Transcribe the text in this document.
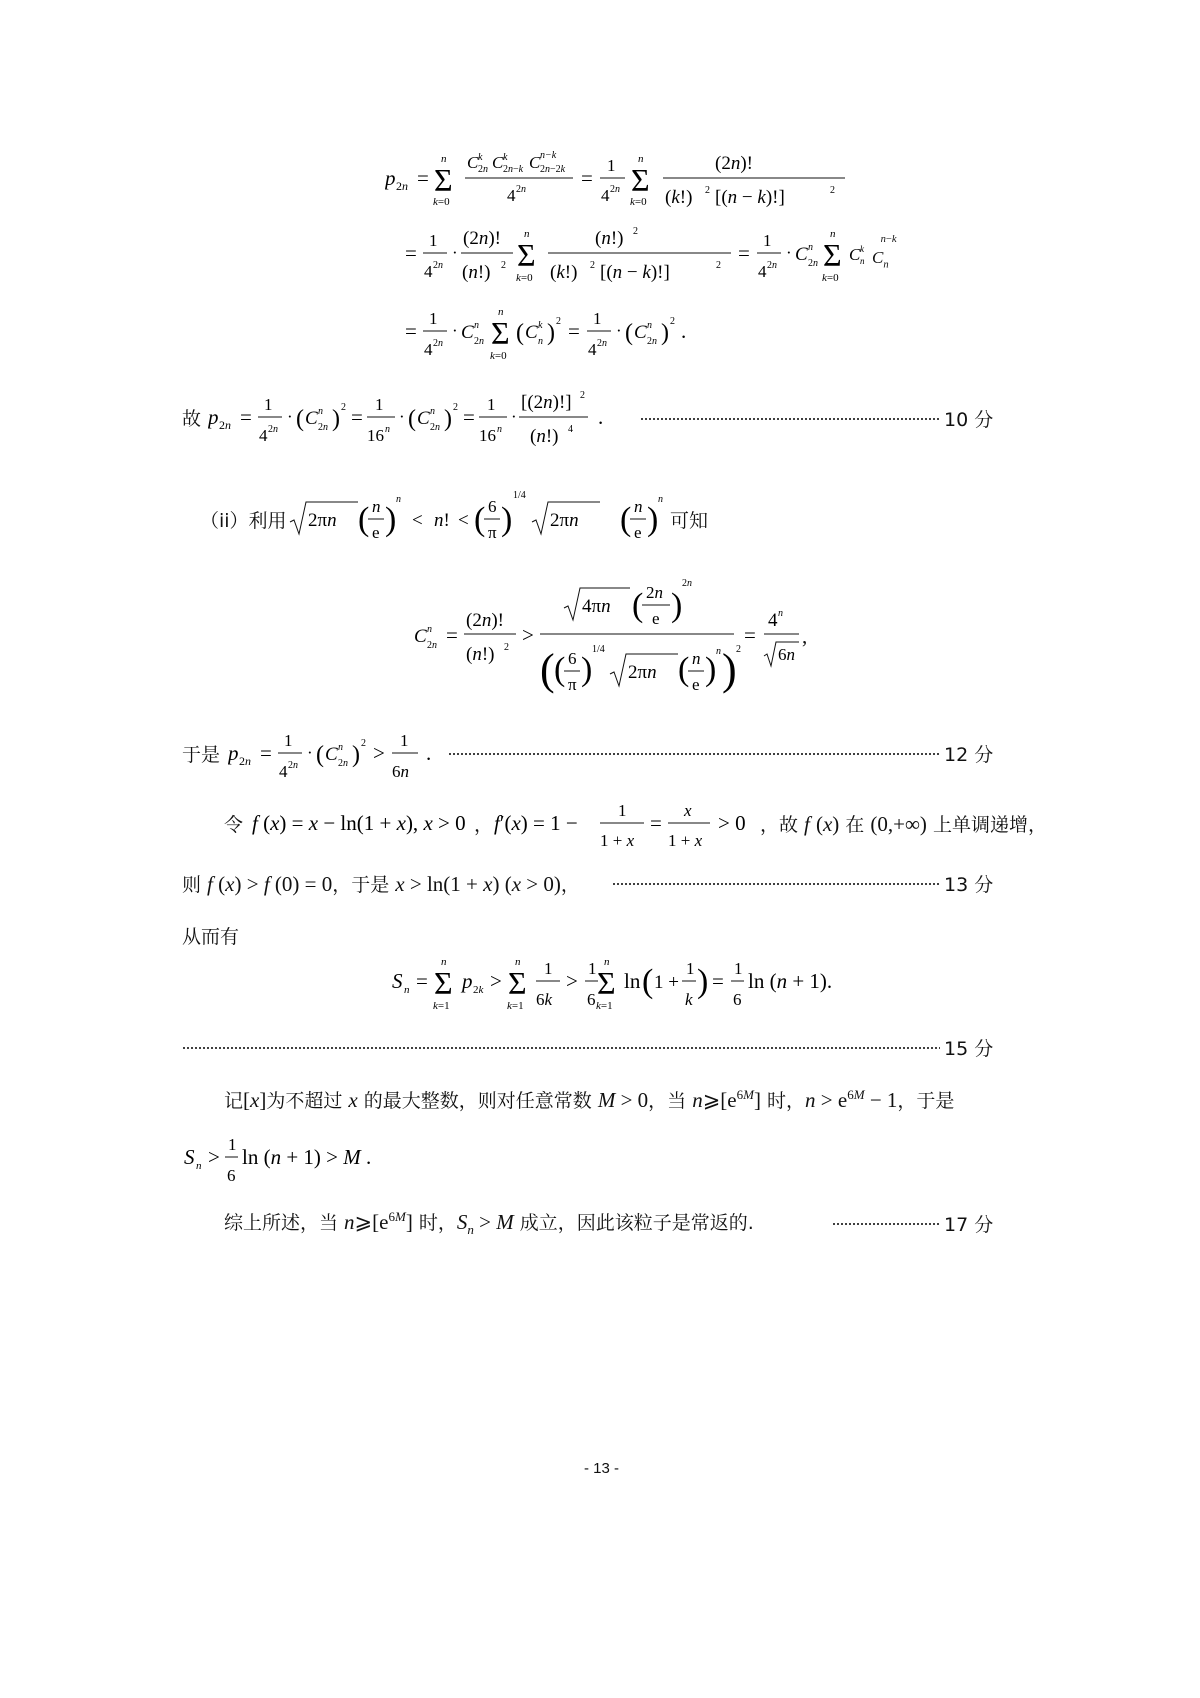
p 2n = Σ
n
k=0
C 2n
k C 2n−k
k C 2n−2k
n−k
4 2n	=
1
4 2n Σ
n
k=0
(2n)!
(k!) 2 [(n − k)!]	2
=
1
4 2n
·
(2n)!
(n!) 2 Σ
n
k=0
(n!) 2
(k!) 2 [(n − k)!]	2
=
1
4 2n
· C 2n
n Σ
n
k=0
C n
k $C_n^{n-k}$
=
1
4 2n
· C 2n
n Σ
n
k=0
( C n
k ) 2 =
1
4 2n
· ( C 2n
n ) 2 .
故 p 2n =
1
4 2n
· ( C 2n
n ) 2 =
1
16 n
· ( C 2n
n ) 2 =
1
16 n
·
[(2n)!] 2
(n!) 4
.	10 分
（ii）利用 2πn ( n
e )
n
< n! < ( 6
π )
1/4
2πn ( n
e )
n
可知
C 2n
n =
(2n)!
(n!) 2
>
4πn ( 2n
e )
2n
( ( 6
π )
1/4
2πn ( n
e ) n ) 2
=
4 n
6n
,
于是 p 2n =
1
4 2n
· ( C 2n
n ) 2 >
1
6n
.	12 分
令 f (x) = x − ln(1 + x), x > 0 ， f′(x) = 1 −
1
1 + x
=
x
1 + x
> 0 ，故 f (x) 在 (0,+∞) 上单调递增，
则 f (x) > f (0) = 0，于是 x > ln(1 + x) (x > 0)，	13 分
从而有
S n = Σ
n
k=1
p 2k > Σ
n
k=1
1
6k
>
1
6 Σ
n
k=1
ln ( 1 +
1
k ) =
1
6
ln (n + 1).
15 分
记[x]为不超过 x 的最大整数，则对任意常数 M > 0，当 $n⩾[e^{6M}]$ 时，$n > e^{6M} - 1$，于是
S n >
1
6
ln (n + 1) > M .
综上所述，当 $n⩾[e^{6M}]$ 时，$S_n > M$ 成立，因此该粒子是常返的.	17 分
- 13 -
